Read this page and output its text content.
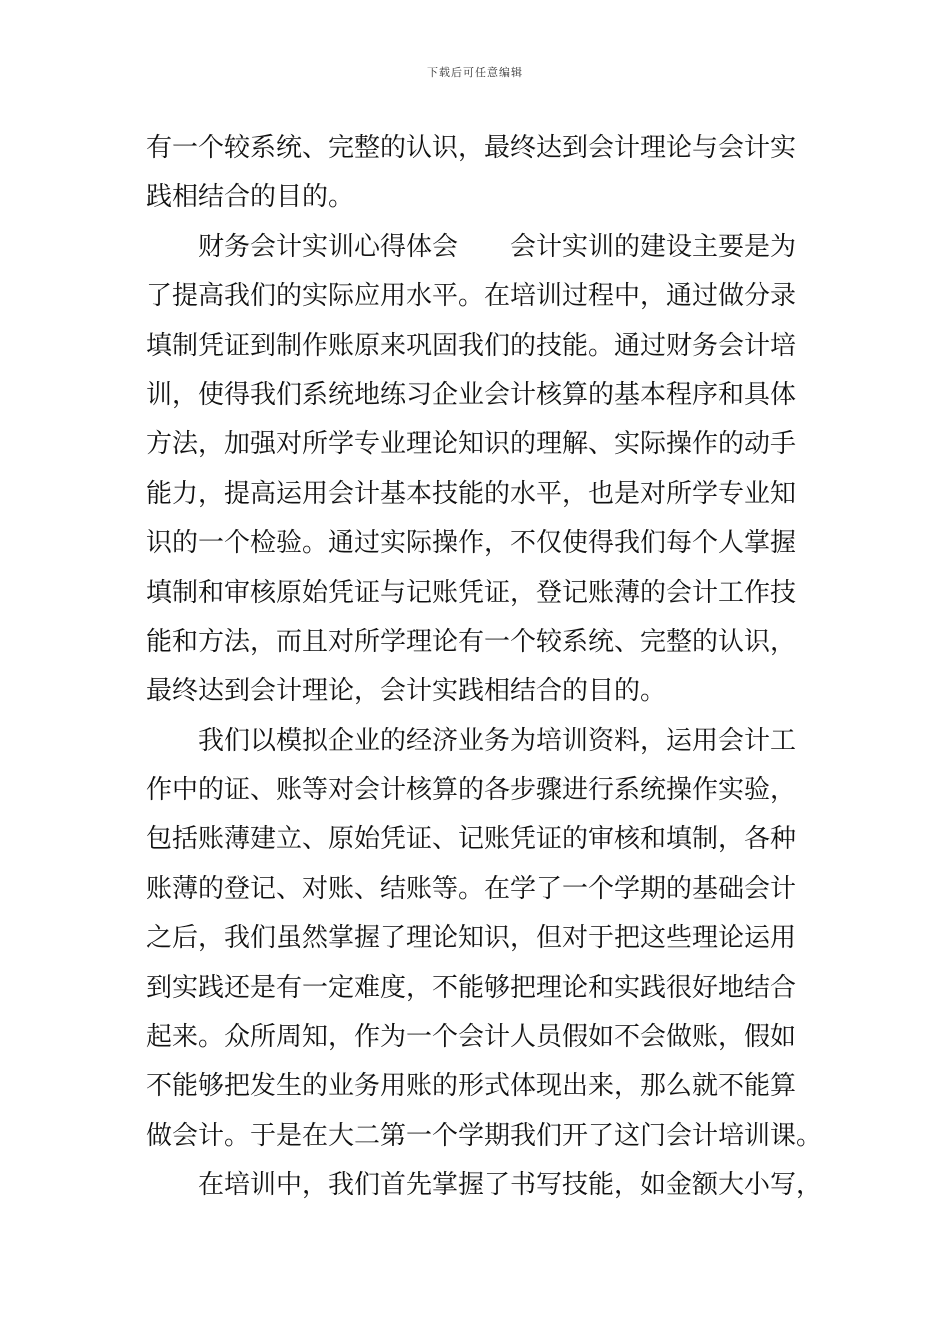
下载后可任意编辑
有一个较系统、完整的认识，最终达到会计理论与会计实
践相结合的目的。
财务会计实训心得体会 会计实训的建设主要是为
了提高我们的实际应用水平。在培训过程中，通过做分录
填制凭证到制作账原来巩固我们的技能。通过财务会计培
训，使得我们系统地练习企业会计核算的基本程序和具体
方法，加强对所学专业理论知识的理解、实际操作的动手
能力，提高运用会计基本技能的水平，也是对所学专业知
识的一个检验。通过实际操作，不仅使得我们每个人掌握
填制和审核原始凭证与记账凭证，登记账薄的会计工作技
能和方法，而且对所学理论有一个较系统、完整的认识，
最终达到会计理论，会计实践相结合的目的。
我们以模拟企业的经济业务为培训资料，运用会计工
作中的证、账等对会计核算的各步骤进行系统操作实验，
包括账薄建立、原始凭证、记账凭证的审核和填制，各种
账薄的登记、对账、结账等。在学了一个学期的基础会计
之后，我们虽然掌握了理论知识，但对于把这些理论运用
到实践还是有一定难度，不能够把理论和实践很好地结合
起来。众所周知，作为一个会计人员假如不会做账，假如
不能够把发生的业务用账的形式体现出来，那么就不能算
做会计。于是在大二第一个学期我们开了这门会计培训课。
在培训中，我们首先掌握了书写技能，如金额大小写，
